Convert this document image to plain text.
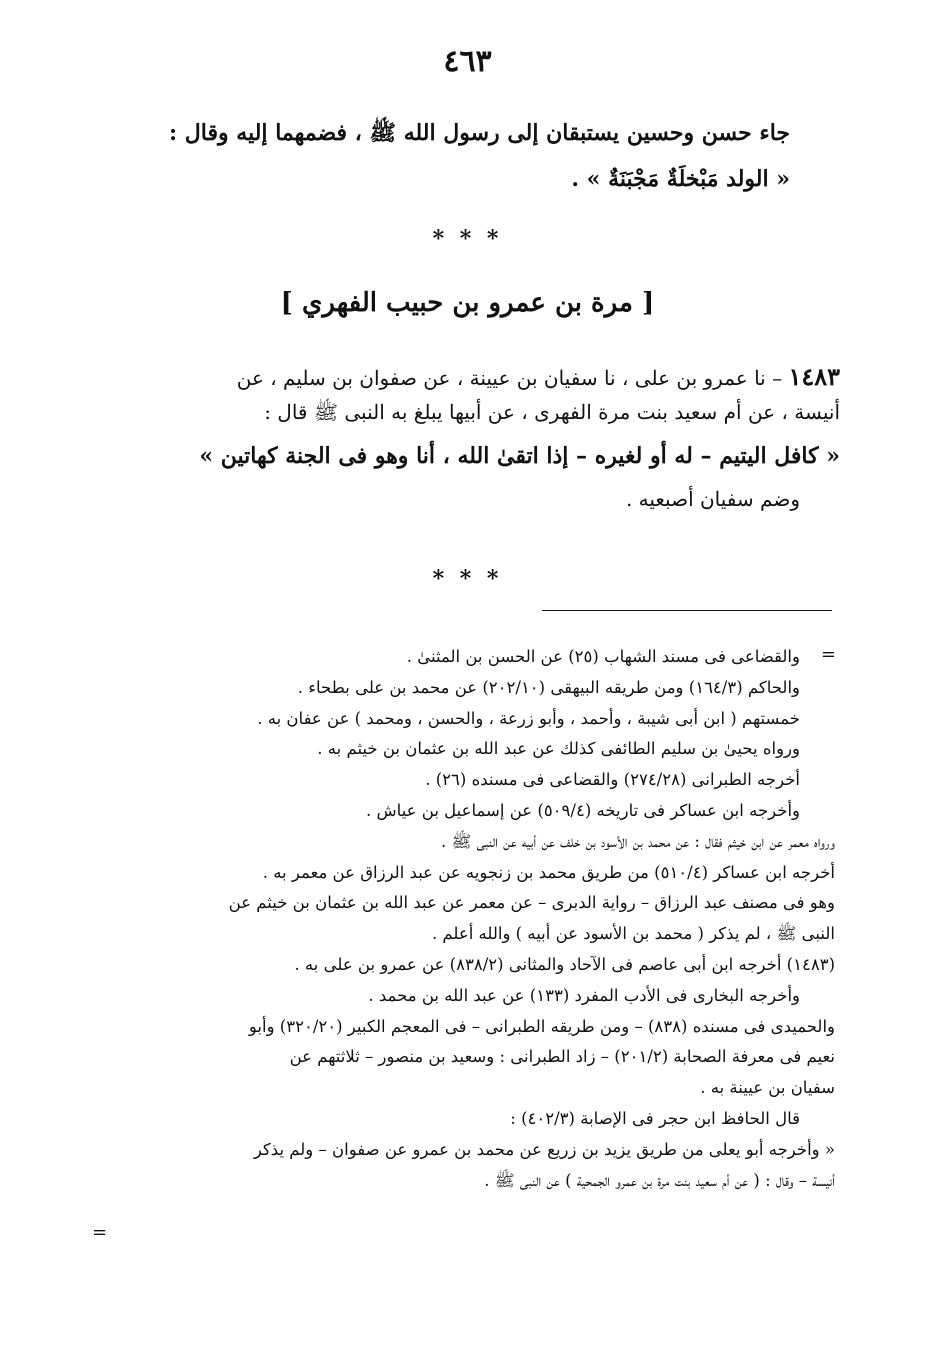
٤٦٣
جاء حسن وحسين يستبقان إلى رسول الله ﷺ ، فضمهما إليه وقال :
« الولد مَبْخلَةٌ مَجْبَنَةٌ » .
* * *
[ مرة بن عمرو بن حبيب الفهري ]
١٤٨٣ – نا عمرو بن على ، نا سفيان بن عيينة ، عن صفوان بن سليم ، عن
أنيسة ، عن أم سعيد بنت مرة الفهرى ، عن أبيها يبلغ به النبى ﷺ قال :
« كافل اليتيم – له أو لغيره – إذا اتقىٰ الله ، أنا وهو فى الجنة كهاتين »
وضم سفيان أصبعيه .
* * *
=
والقضاعى فى مسند الشهاب (٢٥) عن الحسن بن المثنىٰ .
والحاكم (١٦٤/٣) ومن طريقه البيهقى (٢٠٢/١٠) عن محمد بن على بطحاء .
خمستهم ( ابن أبى شيبة ، وأحمد ، وأبو زرعة ، والحسن ، ومحمد ) عن عفان به .
ورواه يحيىٰ بن سليم الطائفى كذلك عن عبد الله بن عثمان بن خيثم به .
أخرجه الطبرانى (٢٧٤/٢٨) والقضاعى فى مسنده (٢٦) .
وأخرجه ابن عساكر فى تاريخه (٥٠٩/٤) عن إسماعيل بن عياش .
ورواه معمر عن ابن خيثم فقال : عن محمد بن الأسود بن خلف عن أبيه عن النبى ﷺ .
أخرجه ابن عساكر (٥١٠/٤) من طريق محمد بن زنجويه عن عبد الرزاق عن معمر به .
وهو فى مصنف عبد الرزاق – رواية الدبرى – عن معمر عن عبد الله بن عثمان بن خيثم عن
النبى ﷺ ، لم يذكر ( محمد بن الأسود عن أبيه ) والله أعلم .
(١٤٨٣) أخرجه ابن أبى عاصم فى الآحاد والمثانى (٨٣٨/٢) عن عمرو بن على به .
وأخرجه البخارى فى الأدب المفرد (١٣٣) عن عبد الله بن محمد .
والحميدى فى مسنده (٨٣٨) – ومن طريقه الطبرانى – فى المعجم الكبير (٣٢٠/٢٠) وأبو
نعيم فى معرفة الصحابة (٢٠١/٢) – زاد الطبرانى : وسعيد بن منصور – ثلاثتهم عن
سفيان بن عيينة به .
قال الحافظ ابن حجر فى الإصابة (٤٠٢/٣) :
« وأخرجه أبو يعلى من طريق يزيد بن زريع عن محمد بن عمرو عن صفوان – ولم يذكر
أنيسة – وقال : ( عن أم سعيد بنت مرة بن عمرو الجمحية ) عن النبى ﷺ .
=
